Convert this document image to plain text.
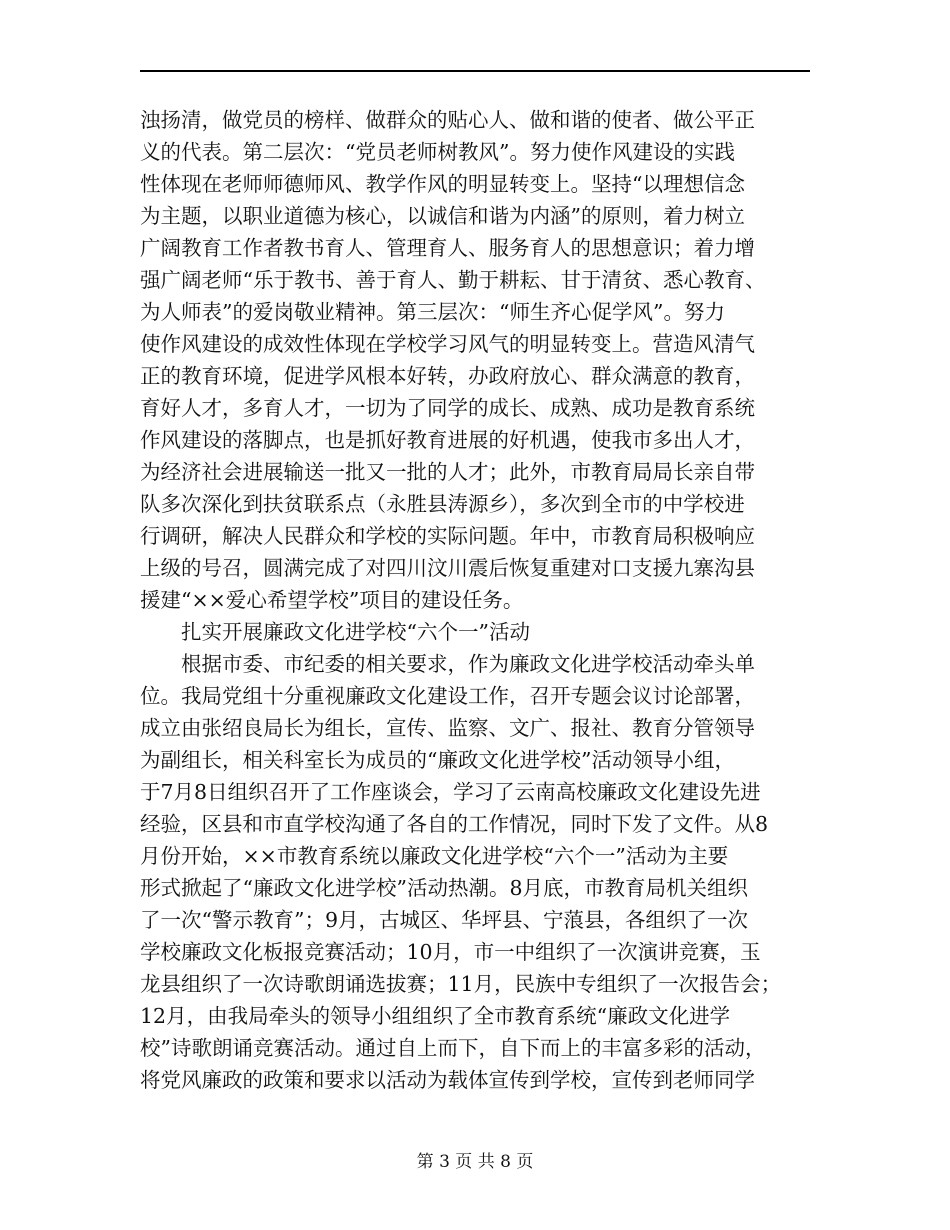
浊扬清，做党员的榜样、做群众的贴心人、做和谐的使者、做公平正
义的代表。第二层次：“党员老师树教风”。努力使作风建设的实践
性体现在老师师德师风、教学作风的明显转变上。坚持“以理想信念
为主题，以职业道德为核心，以诚信和谐为内涵”的原则，着力树立
广阔教育工作者教书育人、管理育人、服务育人的思想意识；着力增
强广阔老师“乐于教书、善于育人、勤于耕耘、甘于清贫、悉心教育、
为人师表”的爱岗敬业精神。第三层次：“师生齐心促学风”。努力
使作风建设的成效性体现在学校学习风气的明显转变上。营造风清气
正的教育环境，促进学风根本好转，办政府放心、群众满意的教育，
育好人才，多育人才，一切为了同学的成长、成熟、成功是教育系统
作风建设的落脚点，也是抓好教育进展的好机遇，使我市多出人才，
为经济社会进展输送一批又一批的人才；此外，市教育局局长亲自带
队多次深化到扶贫联系点（永胜县涛源乡），多次到全市的中学校进
行调研，解决人民群众和学校的实际问题。年中，市教育局积极响应
上级的号召，圆满完成了对四川汶川震后恢复重建对口支援九寨沟县
援建“××爱心希望学校”项目的建设任务。
扎实开展廉政文化进学校“六个一”活动
根据市委、市纪委的相关要求，作为廉政文化进学校活动牵头单
位。我局党组十分重视廉政文化建设工作，召开专题会议讨论部署，
成立由张绍良局长为组长，宣传、监察、文广、报社、教育分管领导
为副组长，相关科室长为成员的“廉政文化进学校”活动领导小组，
于7月8日组织召开了工作座谈会，学习了云南高校廉政文化建设先进
经验，区县和市直学校沟通了各自的工作情况，同时下发了文件。从8
月份开始，××市教育系统以廉政文化进学校“六个一”活动为主要
形式掀起了“廉政文化进学校”活动热潮。8月底，市教育局机关组织
了一次“警示教育”；9月，古城区、华坪县、宁蒗县，各组织了一次
学校廉政文化板报竞赛活动；10月，市一中组织了一次演讲竞赛，玉
龙县组织了一次诗歌朗诵选拔赛；11月，民族中专组织了一次报告会；
12月，由我局牵头的领导小组组织了全市教育系统“廉政文化进学
校”诗歌朗诵竞赛活动。通过自上而下，自下而上的丰富多彩的活动，
将党风廉政的政策和要求以活动为载体宣传到学校，宣传到老师同学
第 3 页 共 8 页
